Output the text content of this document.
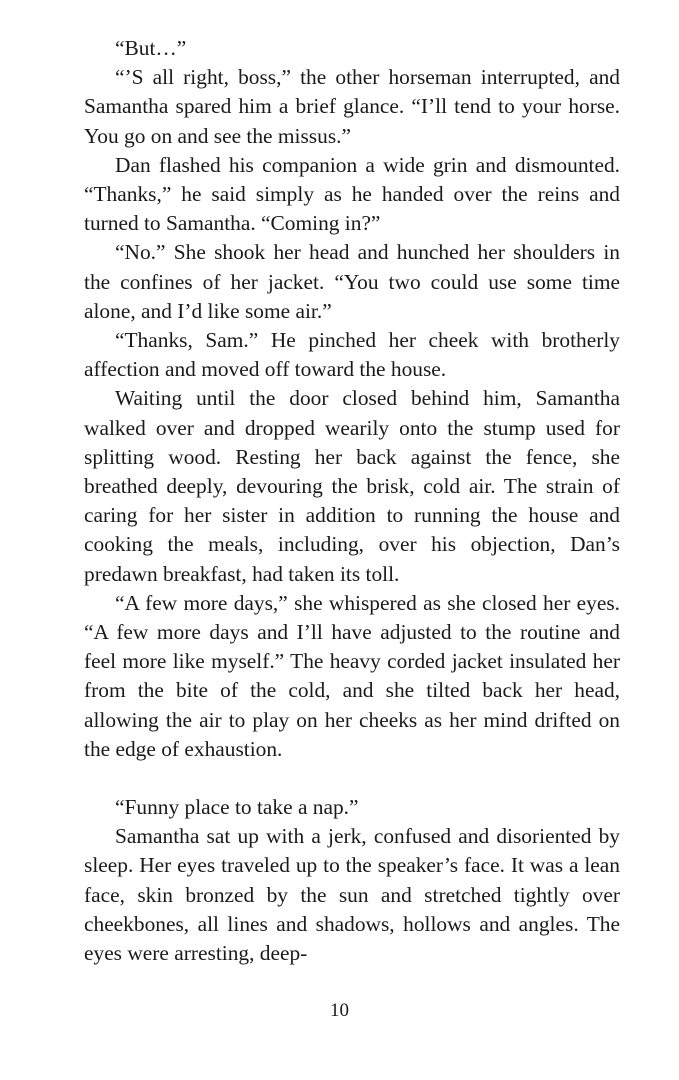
“But…”

“’S all right, boss,” the other horseman interrupted, and Samantha spared him a brief glance. “I’ll tend to your horse. You go on and see the missus.”

Dan flashed his companion a wide grin and dismounted. “Thanks,” he said simply as he handed over the reins and turned to Samantha. “Coming in?”

“No.” She shook her head and hunched her shoulders in the confines of her jacket. “You two could use some time alone, and I’d like some air.”

“Thanks, Sam.” He pinched her cheek with brotherly affection and moved off toward the house.

Waiting until the door closed behind him, Samantha walked over and dropped wearily onto the stump used for splitting wood. Resting her back against the fence, she breathed deeply, devouring the brisk, cold air. The strain of caring for her sister in addition to running the house and cooking the meals, including, over his objection, Dan’s predawn breakfast, had taken its toll.

“A few more days,” she whispered as she closed her eyes. “A few more days and I’ll have adjusted to the routine and feel more like myself.” The heavy corded jacket insulated her from the bite of the cold, and she tilted back her head, allowing the air to play on her cheeks as her mind drifted on the edge of exhaustion.

“Funny place to take a nap.”

Samantha sat up with a jerk, confused and disoriented by sleep. Her eyes traveled up to the speaker’s face. It was a lean face, skin bronzed by the sun and stretched tightly over cheekbones, all lines and shadows, hollows and angles. The eyes were arresting, deep-

10
